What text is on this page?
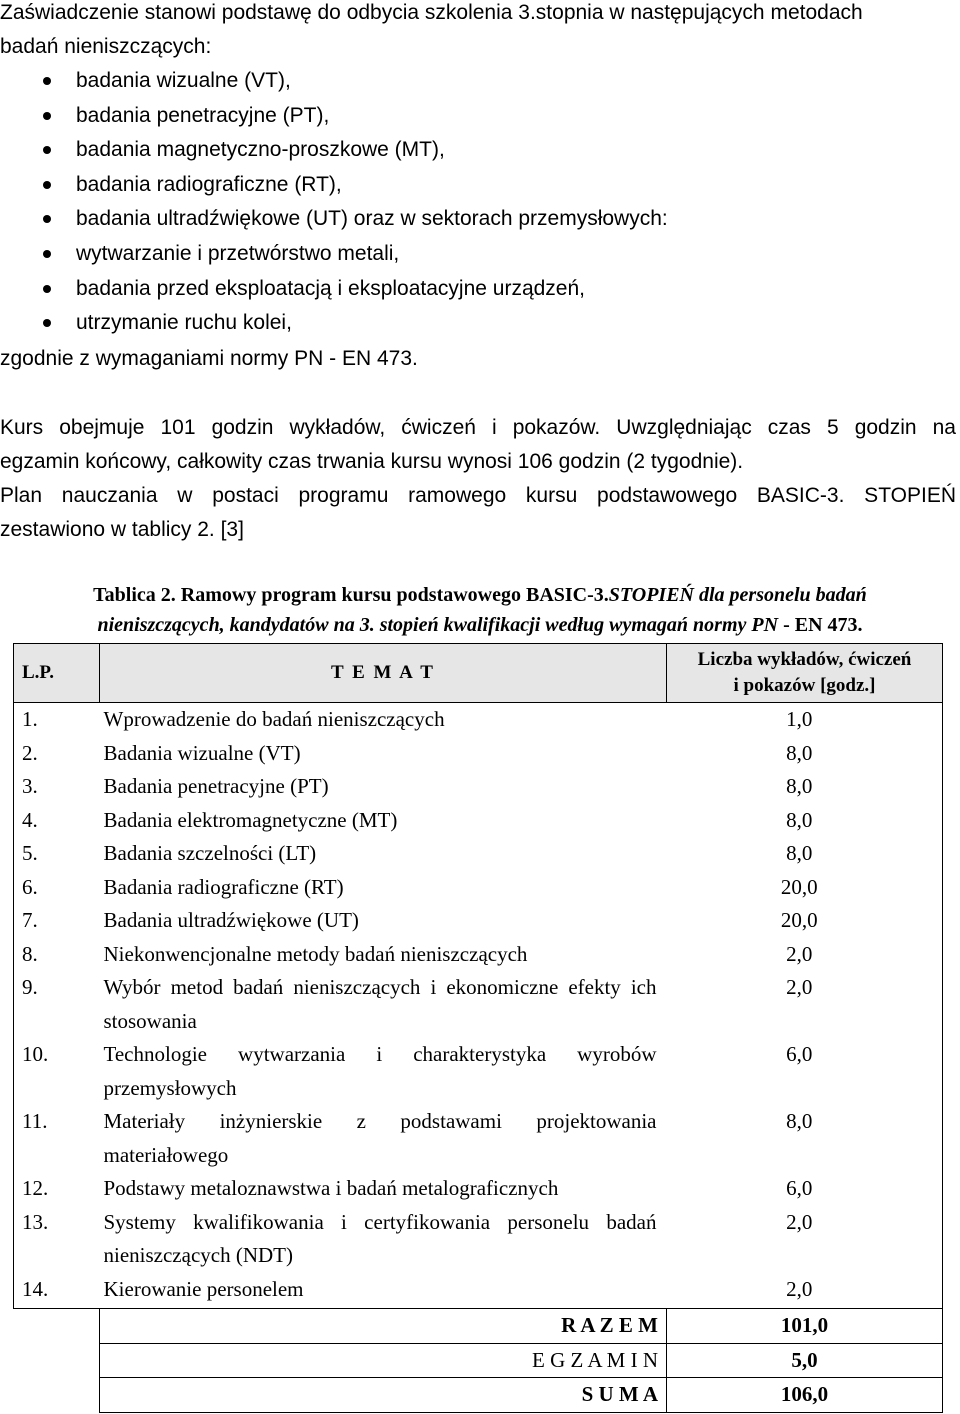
Zaświadczenie stanowi podstawę do odbycia szkolenia 3.stopnia w następujących metodach
badań nieniszczących:
badania wizualne (VT),
badania penetracyjne (PT),
badania magnetyczno-proszkowe (MT),
badania radiograficzne (RT),
badania ultradźwiękowe (UT) oraz w sektorach przemysłowych:
wytwarzanie i przetwórstwo metali,
badania przed eksploatacją i eksploatacyjne urządzeń,
utrzymanie ruchu kolei,
zgodnie z wymaganiami normy PN - EN 473.
Kurs obejmuje 101 godzin wykładów, ćwiczeń i pokazów. Uwzględniając czas 5 godzin na
egzamin końcowy, całkowity czas trwania kursu wynosi 106 godzin (2 tygodnie).
Plan nauczania w postaci programu ramowego kursu podstawowego BASIC-3. STOPIEŃ
zestawiono w tablicy 2. [3]
Tablica 2. Ramowy program kursu podstawowego BASIC-3.STOPIEŃ dla personelu badań
nieniszczących, kandydatów na 3. stopień kwalifikacji według wymagań normy PN - EN 473.
L.P.	T E M A T	Liczba wykładów, ćwiczeń
i pokazów [godz.]
1.	Wprowadzenie do badań nieniszczących	1,0
2.	Badania wizualne (VT)	8,0
3.	Badania penetracyjne (PT)	8,0
4.	Badania elektromagnetyczne (MT)	8,0
5.	Badania szczelności (LT)	8,0
6.	Badania radiograficzne (RT)	20,0
7.	Badania ultradźwiękowe (UT)	20,0
8.	Niekonwencjonalne metody badań nieniszczących	2,0
9.	Wybór metod badań nieniszczących i ekonomiczne efekty ich stosowania	2,0
10.	Technologie wytwarzania i charakterystyka wyrobów przemysłowych	6,0
11.	Materiały inżynierskie z podstawami projektowania materiałowego	8,0
12.	Podstawy metaloznawstwa i badań metalograficznych	6,0
13.	Systemy kwalifikowania i certyfikowania personelu badań nieniszczących (NDT)	2,0
14.	Kierowanie personelem	2,0
	R A Z E M	101,0
	E G Z A M I N	5,0
	S U M A	106,0
